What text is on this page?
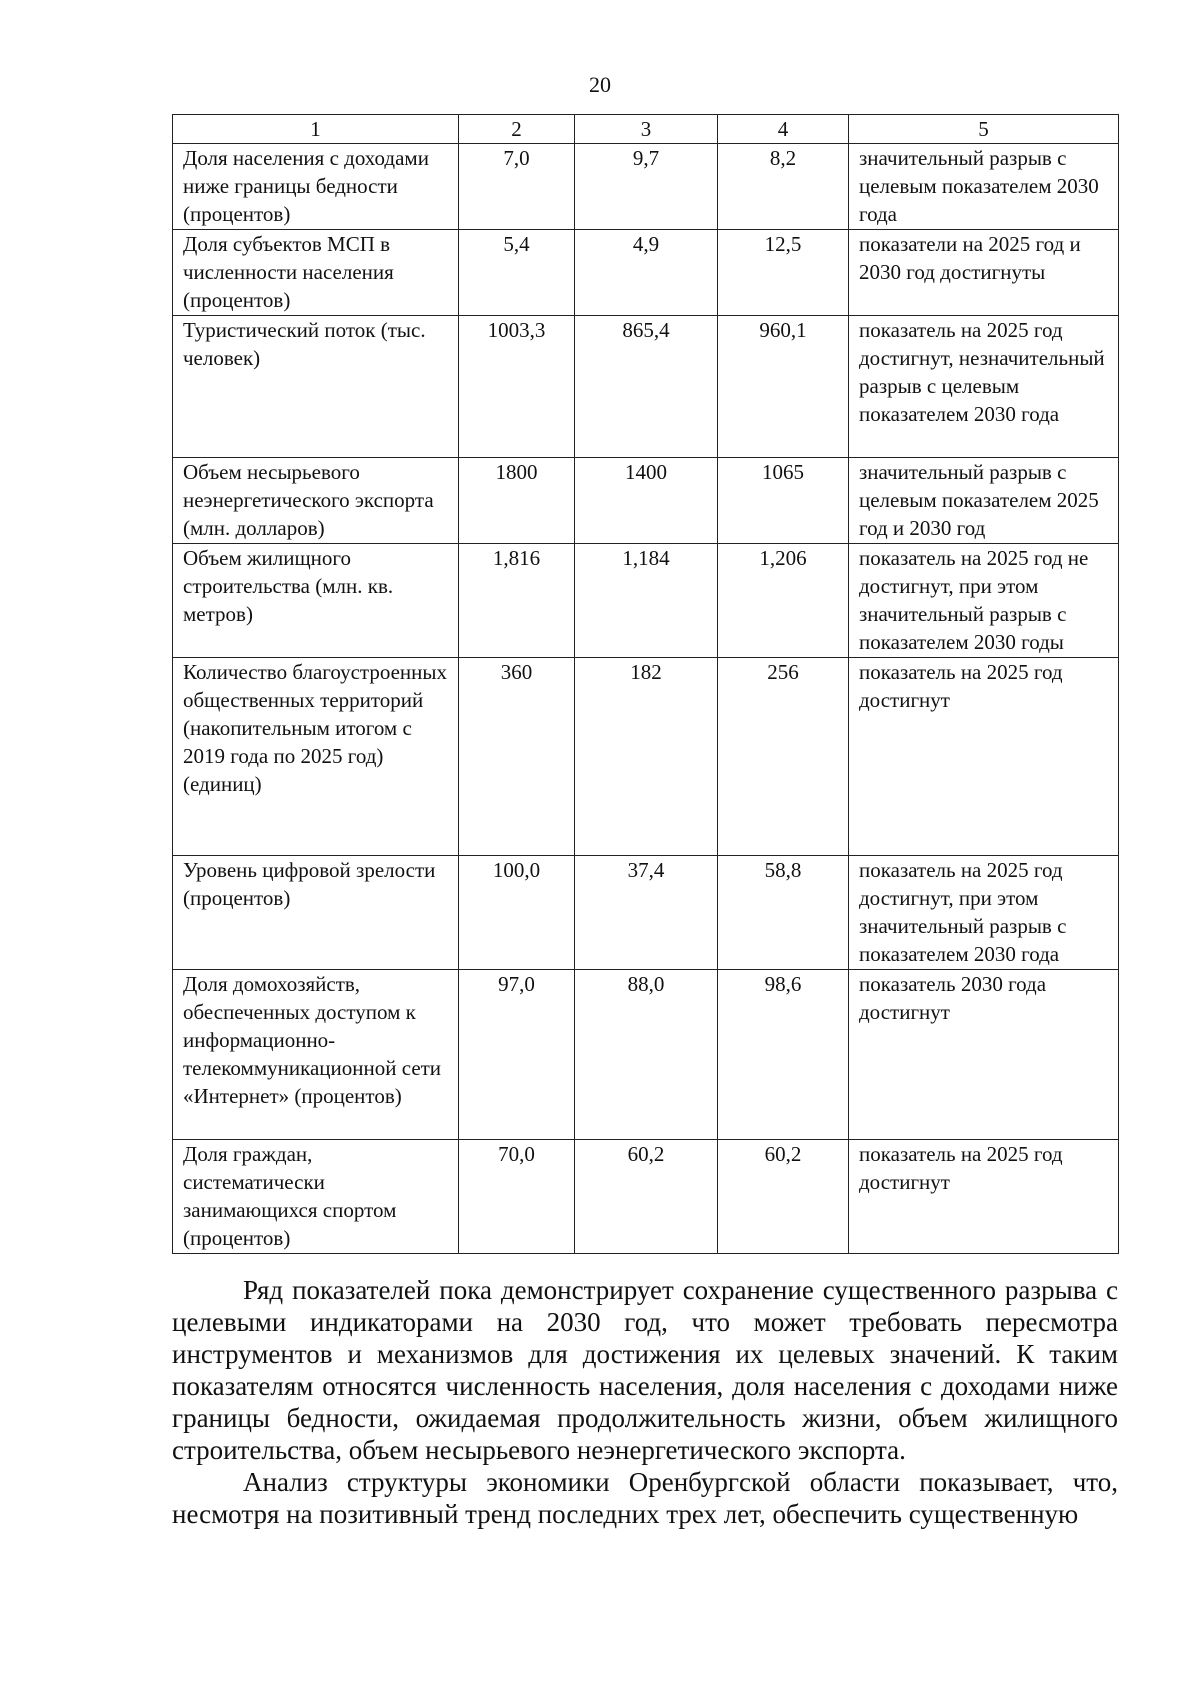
20
1	2	3	4	5
Доля населения с доходами ниже границы бедности (процентов)	7,0	9,7	8,2	значительный разрыв с целевым показателем 2030 года
Доля субъектов МСП в численности населения (процентов)	5,4	4,9	12,5	показатели на 2025 год и 2030 год достигнуты
Туристический поток (тыс. человек)	1003,3	865,4	960,1	показатель на 2025 год достигнут, незначительный разрыв с целевым показателем 2030 года
Объем несырьевого неэнергетического экспорта (млн. долларов)	1800	1400	1065	значительный разрыв с целевым показателем 2025 год и 2030 год
Объем жилищного строительства (млн. кв. метров)	1,816	1,184	1,206	показатель на 2025 год не достигнут, при этом значительный разрыв с показателем 2030 годы
Количество благоустроенных общественных территорий (накопительным итогом с 2019 года по 2025 год) (единиц)	360	182	256	показатель на 2025 год достигнут
Уровень цифровой зрелости (процентов)	100,0	37,4	58,8	показатель на 2025 год достигнут, при этом значительный разрыв с показателем 2030 года
Доля домохозяйств, обеспеченных доступом к информационно-телекоммуникационной сети «Интернет» (процентов)	97,0	88,0	98,6	показатель 2030 года достигнут
Доля граждан, систематически занимающихся спортом (процентов)	70,0	60,2	60,2	показатель на 2025 год достигнут

Ряд показателей пока демонстрирует сохранение существенного разрыва с целевыми индикаторами на 2030 год, что может требовать пересмотра инструментов и механизмов для достижения их целевых значений. К таким показателям относятся численность населения, доля населения с доходами ниже границы бедности, ожидаемая продолжительность жизни, объем жилищного строительства, объем несырьевого неэнергетического экспорта.

Анализ структуры экономики Оренбургской области показывает, что, несмотря на позитивный тренд последних трех лет, обеспечить существенную
